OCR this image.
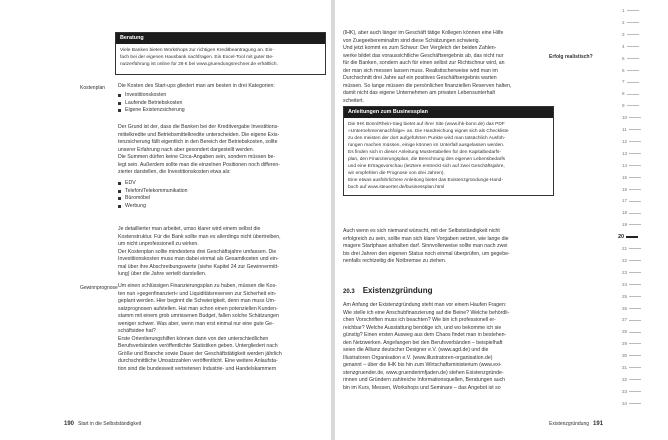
Beratung
Viele Banken bieten Workshops zur richtigen Kreditbeantragung an. Ein-
fach bei der eigenen Hausbank nachfragen. Ein Excel-Tool mit guter Be-
nutzerführung ist online für 29 € bei www.gruendungsrechner.de erhältlich.
Kostenplan
Gewinnprognose
Die Kosten des Start-ups gliedert man am besten in drei Kategorien:
Investitionskosten
Laufende Betriebskosten
Eigene Existenzsicherung
Der Grund ist der, dass die Banken bei der Kreditvergabe Investitions-
mittelkredite und Betriebsmittelkredite unterscheiden. Die eigene Exis-
tenzsicherung fällt eigentlich in den Bereich der Betriebskosten, sollte
unserer Erfahrung nach aber gesondert dargestellt werden.
Die Summen dürfen keine Circa-Angaben sein, sondern müssen be-
legt sein. Außerdem sollte man die einzelnen Positionen noch differen-
zierter darstellen, die Investitionskosten etwa als:
EDV
Telefon/Telekommunikation
Büromöbel
Werbung
Je detaillierter man arbeitet, umso klarer wird einem selbst die
Kostenstruktur. Für die Bank sollte man es allerdings nicht übertreiben,
um nicht unprofessionell zu wirken.
Der Kostenplan sollte mindestens drei Geschäftsjahre umfassen. Die
Investitionskosten muss man dabei einmal als Gesamtkosten und ein-
mal über ihre Abschreibungswerte (siehe Kapitel 24 zur Gewinnermitt-
lung) über die Jahre verteilt darstellen.
Um einen schlüssigen Finanzierungsplan zu haben, müssen die Kos-
ten nun »gegenfinanziert« und Liquiditätsreserven zur Sicherheit ein-
geplant werden. Hier beginnt die Schwierigkeit, denn man muss Um-
satzprognosen aufstellen. Hat man schon einen potenziellen Kunden-
stamm mit einem grob umrissenen Budget, fallen solche Schätzungen
weniger schwer. Was aber, wenn man erst einmal nur eine gute Ge-
schäftsidee hat?
Erste Orientierungshilfen können dann von den unterschiedlichen
Berufsverbänden veröffentlichte Statistiken geben. Untergliedert nach
Größe und Branche sowie Dauer der Geschäftstätigkeit werden jährlich
durchschnittliche Umsatzzahlen veröffentlicht. Eine weitere Anlaufsta-
tion sind die bundesweit vertretenen Industrie- und Handelskammern
190 Start in die Selbstständigkeit
(IHK), aber auch länger im Geschäft tätige Kollegen können eine Hilfe
von Zuegeebereminaltm sind diese Schätzungen schwierig.
Und jetzt kommt es zum Schwur: Der Vergleich der beiden Zahlen-
werke bildet das voraussichtliche Geschäftsergebnis ab, das nicht nur
für die Banken, sondern auch für einen selbst zur Richtschnur wird, an
der man sich messen lassen muss. Realistischerweise wird man im
Durchschnitt drei Jahre auf ein positives Geschäftsergebnis warten
müssen. So lange müssen die persönlichen finanziellen Reserven halten,
damit nicht das eigene Unternehmen am privaten Lebensunterhalt
scheitert.
Erfolg realistisch?
Anleitungen zum Businessplan
Die IHK Bonn/Rhein-Sieg bietet auf ihrer Site (www.ihk-bonn.de) das PDF
»Unternehmensnachfolge« an. Die Handreichung eignet sich als Checkliste
zu den meisten der dort aufgeführten Punkte wird man tatsächlich Ausfüh-
rungen machen müssen, einige können im Unterfall ausgelassen werden.
Es finden sich in dieser Anleitung Mustertabellen für den Kapitalbedarfs-
plan, den Finanzierungsplan, die Berechnung des eigenen Lebensbedarfs
und eine Ertragsvorschau (letztere erstreckt sich auf zwei Geschäftsjahre,
wir empfehlen die Prognose von drei Jahren).
Eine etwas ausführlichere Anleitung bietet das Existenzgründungs-Hand-
buch auf www.steuerter.de/businessplan.html
Auch wenn es sich niemand wünscht, mit der Selbstständigkeit nicht
erfolgreich zu sein, sollte man sich klare Vorgaben setzen, wie lange die
magere Startphase anhalten darf. Sinnvollerweise sollte man nach zwei
bis drei Jahren den eigenen Status noch einmal überprüfen, um gegebe-
nenfalls rechtzeitig die Notbremse zu ziehen.
20.3 Existenzgründung
Am Anfang der Existenzgründung steht man vor einem Haufen Fragen:
Wie stelle ich eine Anschubfinanzierung auf die Beine? Welche behördli-
chen Vorschriften muss ich beachten? Wie bin ich professionell er-
reichbar? Welche Ausstattung benötige ich, und wo bekomme ich sie
günstig? Einen ersten Ausweg aus dem Chaos findet man in bestehen-
den Netzwerken. Angefangen bei den Berufsverbänden – beispielhaft
seien die Allianz deutscher Designer e.V. (www.agd.de) und die
Illustratoren Organisation e.V. (www.illustratoren-organisation.de)
genannt – über die IHK bis hin zum Wirtschaftsministerium (www.exi-
stenzgruender.de, www.gruenderimfjaden.de) stehen Existenzgründe-
rinnen und Gründern zahlreiche Informationsquellen, Beratungen auch
bin im Kurs, Messen, Workshops und Seminare – das Angebot ist so
Existenzgründung 191
1
2
3
4
5
6
7
8
9
10
11
12
13
14
15
16
17
18
19
20
21
22
23
24
25
26
27
28
29
30
31
32
33
34
